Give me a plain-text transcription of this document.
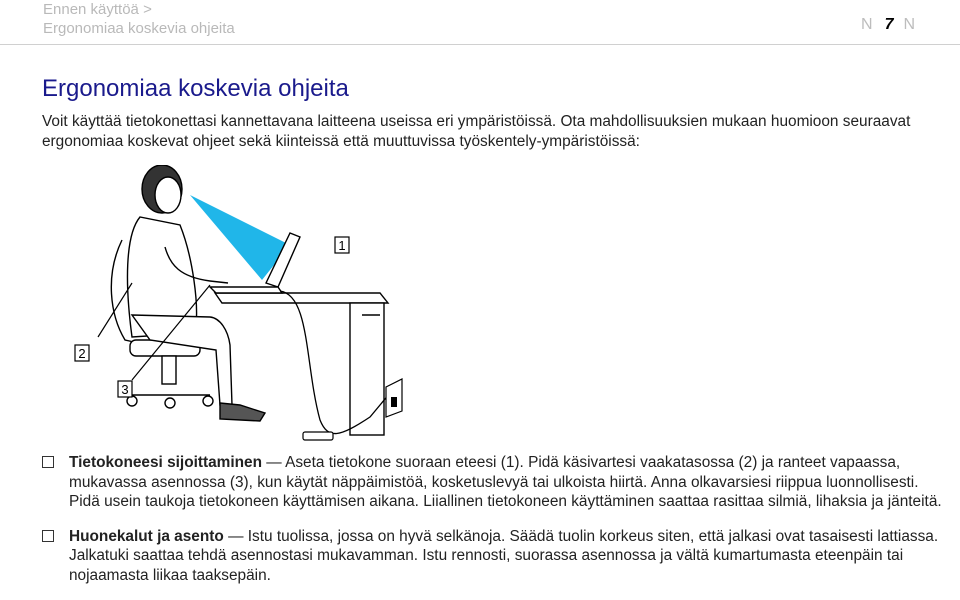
Ennen käyttöä >
Ergonomiaa koskevia ohjeita	N 7 N
Ergonomiaa koskevia ohjeita

Voit käyttää tietokonettasi kannettavana laitteena useissa eri ympäristöissä. Ota mahdollisuuksien mukaan huomioon seuraavat ergonomiaa koskevat ohjeet sekä kiinteissä että muuttuvissa työskentely-ympäristöissä:

1
2
3
Tietokoneesi sijoittaminen — Aseta tietokone suoraan eteesi (1). Pidä käsivartesi vaakatasossa (2) ja ranteet vapaassa, mukavassa asennossa (3), kun käytät näppäimistöä, kosketuslevyä tai ulkoista hiirtä. Anna olkavarsiesi riippua luonnollisesti. Pidä usein taukoja tietokoneen käyttämisen aikana. Liiallinen tietokoneen käyttäminen saattaa rasittaa silmiä, lihaksia ja jänteitä.
Huonekalut ja asento — Istu tuolissa, jossa on hyvä selkänoja. Säädä tuolin korkeus siten, että jalkasi ovat tasaisesti lattiassa. Jalkatuki saattaa tehdä asennostasi mukavamman. Istu rennosti, suorassa asennossa ja vältä kumartumasta eteenpäin tai nojaamasta liikaa taaksepäin.
